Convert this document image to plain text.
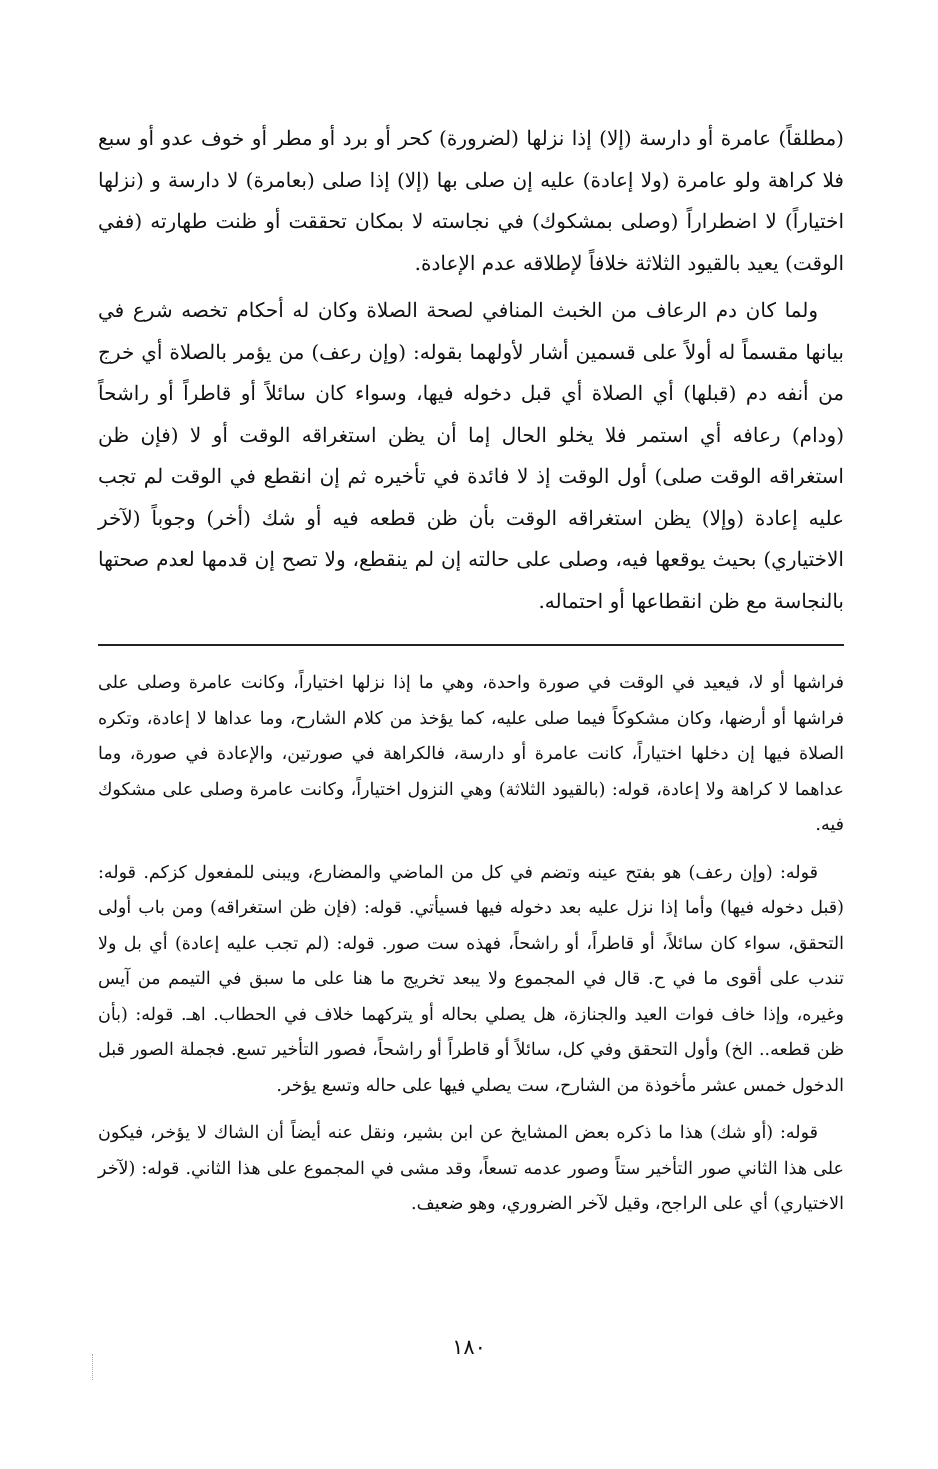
(مطلقاً) عامرة أو دارسة (إلا) إذا نزلها (لضرورة) كحر أو برد أو مطر أو خوف عدو أو سبع فلا كراهة ولو عامرة (ولا إعادة) عليه إن صلى بها (إلا) إذا صلى (بعامرة) لا دارسة و (نزلها اختياراً) لا اضطراراً (وصلى بمشكوك) في نجاسته لا بمكان تحققت أو ظنت طهارته (ففي الوقت) يعيد بالقيود الثلاثة خلافاً لإطلاقه عدم الإعادة.

ولما كان دم الرعاف من الخبث المنافي لصحة الصلاة وكان له أحكام تخصه شرع في بيانها مقسماً له أولاً على قسمين أشار لأولهما بقوله: (وإن رعف) من يؤمر بالصلاة أي خرج من أنفه دم (قبلها) أي الصلاة أي قبل دخوله فيها، وسواء كان سائلاً أو قاطراً أو راشحاً (ودام) رعافه أي استمر فلا يخلو الحال إما أن يظن استغراقه الوقت أو لا (فإن ظن استغراقه الوقت صلى) أول الوقت إذ لا فائدة في تأخيره ثم إن انقطع في الوقت لم تجب عليه إعادة (وإلا) يظن استغراقه الوقت بأن ظن قطعه فيه أو شك (أخر) وجوباً (لآخر الاختياري) بحيث يوقعها فيه، وصلى على حالته إن لم ينقطع، ولا تصح إن قدمها لعدم صحتها بالنجاسة مع ظن انقطاعها أو احتماله.

فراشها أو لا، فيعيد في الوقت في صورة واحدة، وهي ما إذا نزلها اختياراً، وكانت عامرة وصلى على فراشها أو أرضها، وكان مشكوكاً فيما صلى عليه، كما يؤخذ من كلام الشارح، وما عداها لا إعادة، وتكره الصلاة فيها إن دخلها اختياراً، كانت عامرة أو دارسة، فالكراهة في صورتين، والإعادة في صورة، وما عداهما لا كراهة ولا إعادة، قوله: (بالقيود الثلاثة) وهي النزول اختياراً، وكانت عامرة وصلى على مشكوك فيه.

قوله: (وإن رعف) هو بفتح عينه وتضم في كل من الماضي والمضارع، ويبنى للمفعول كزكم. قوله: (قبل دخوله فيها) وأما إذا نزل عليه بعد دخوله فيها فسيأتي. قوله: (فإن ظن استغراقه) ومن باب أولى التحقق، سواء كان سائلاً، أو قاطراً، أو راشحاً، فهذه ست صور. قوله: (لم تجب عليه إعادة) أي بل ولا تندب على أقوى ما في ح. قال في المجموع ولا يبعد تخريج ما هنا على ما سبق في التيمم من آيس وغيره، وإذا خاف فوات العيد والجنازة، هل يصلي بحاله أو يتركهما خلاف في الحطاب. اهـ. قوله: (بأن ظن قطعه.. الخ) وأول التحقق وفي كل، سائلاً أو قاطراً أو راشحاً، فصور التأخير تسع. فجملة الصور قبل الدخول خمس عشر مأخوذة من الشارح، ست يصلي فيها على حاله وتسع يؤخر.

قوله: (أو شك) هذا ما ذكره بعض المشايخ عن ابن بشير، ونقل عنه أيضاً أن الشاك لا يؤخر، فيكون على هذا الثاني صور التأخير ستاً وصور عدمه تسعاً، وقد مشى في المجموع على هذا الثاني. قوله: (لآخر الاختياري) أي على الراجح، وقيل لآخر الضروري، وهو ضعيف.

١٨٠
